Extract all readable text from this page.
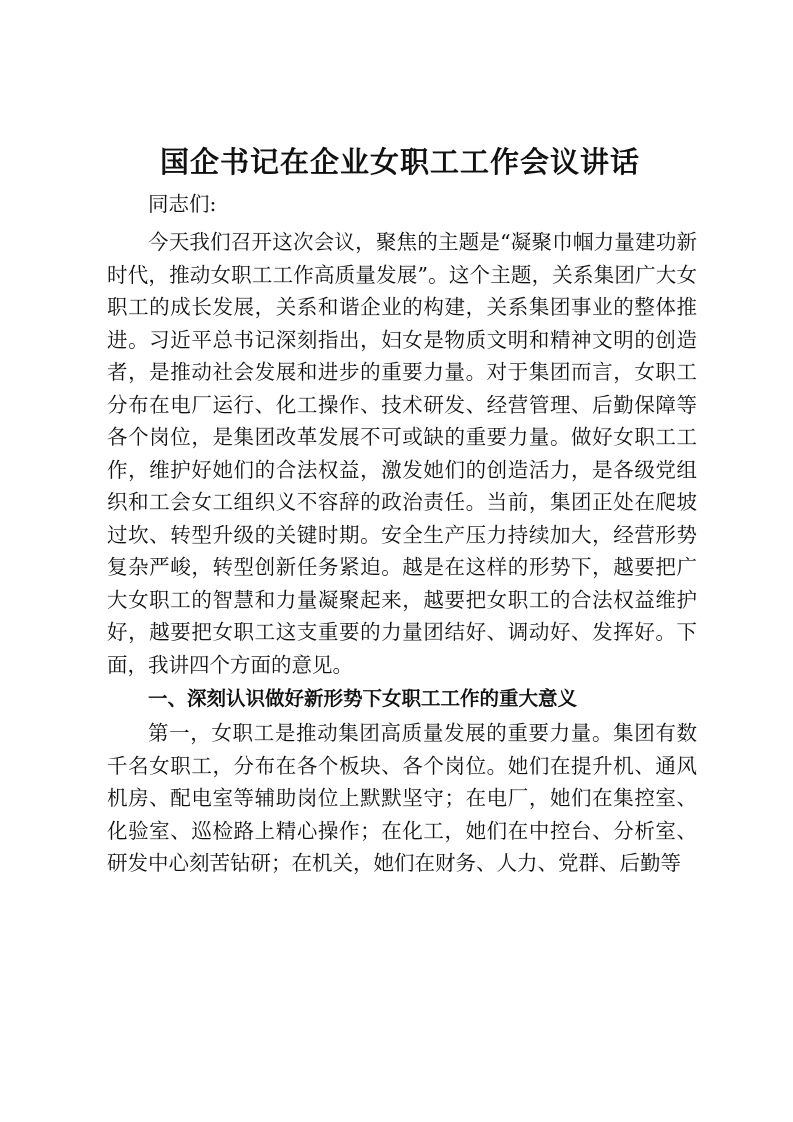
国企书记在企业女职工工作会议讲话

同志们:

今天我们召开这次会议，聚焦的主题是“凝聚巾帼力量建功新时代，推动女职工工作高质量发展”。这个主题，关系集团广大女职工的成长发展，关系和谐企业的构建，关系集团事业的整体推进。习近平总书记深刻指出，妇女是物质文明和精神文明的创造者，是推动社会发展和进步的重要力量。对于集团而言，女职工分布在电厂运行、化工操作、技术研发、经营管理、后勤保障等各个岗位，是集团改革发展不可或缺的重要力量。做好女职工工作，维护好她们的合法权益，激发她们的创造活力，是各级党组织和工会女工组织义不容辞的政治责任。当前，集团正处在爬坡过坎、转型升级的关键时期。安全生产压力持续加大，经营形势复杂严峻，转型创新任务紧迫。越是在这样的形势下，越要把广大女职工的智慧和力量凝聚起来，越要把女职工的合法权益维护好，越要把女职工这支重要的力量团结好、调动好、发挥好。下面，我讲四个方面的意见。

一、深刻认识做好新形势下女职工工作的重大意义

第一，女职工是推动集团高质量发展的重要力量。集团有数千名女职工，分布在各个板块、各个岗位。她们在提升机、通风机房、配电室等辅助岗位上默默坚守；在电厂，她们在集控室、化验室、巡检路上精心操作；在化工，她们在中控台、分析室、研发中心刻苦钻研；在机关，她们在财务、人力、党群、后勤等
